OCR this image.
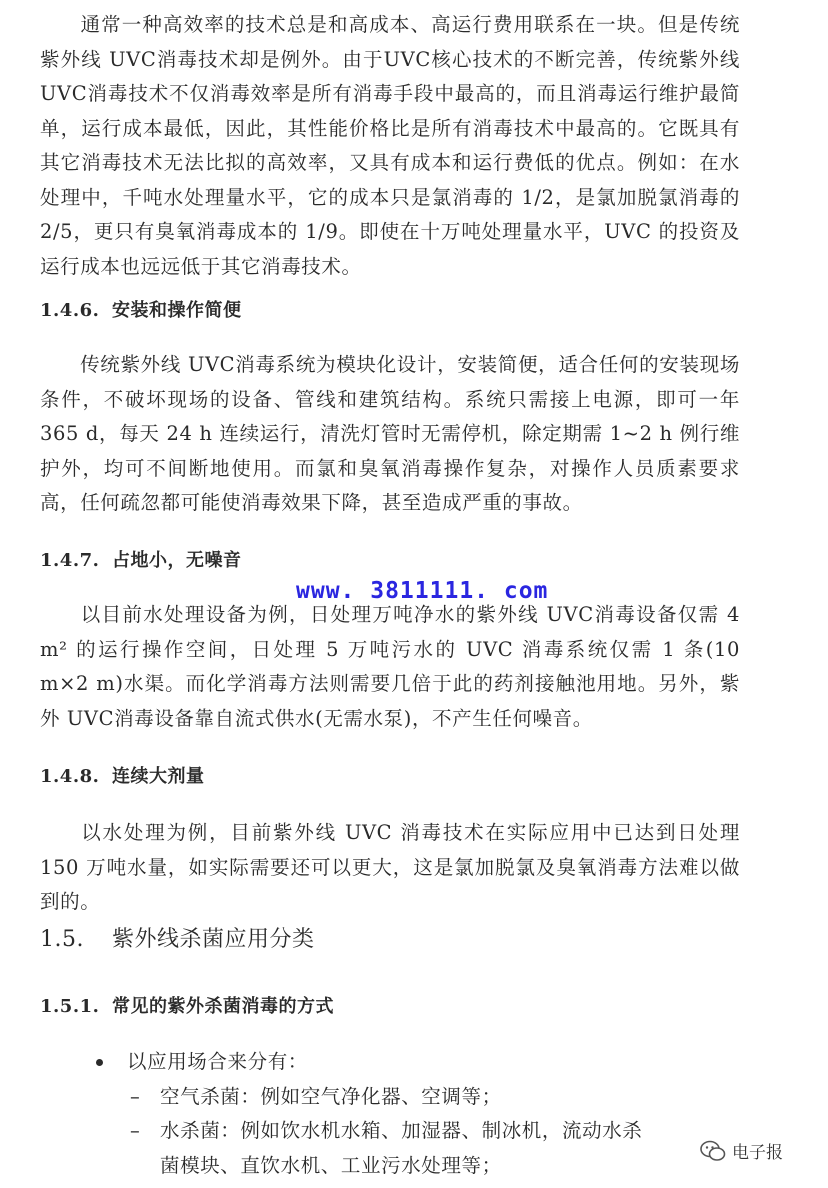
通常一种高效率的技术总是和高成本、高运行费用联系在一块。但是传统紫外线 UVC消毒技术却是例外。由于UVC核心技术的不断完善，传统紫外线 UVC消毒技术不仅消毒效率是所有消毒手段中最高的，而且消毒运行维护最简单，运行成本最低，因此，其性能价格比是所有消毒技术中最高的。它既具有其它消毒技术无法比拟的高效率，又具有成本和运行费低的优点。例如：在水处理中，千吨水处理量水平，它的成本只是氯消毒的 1/2，是氯加脱氯消毒的 2/5，更只有臭氧消毒成本的 1/9。即使在十万吨处理量水平，UVC 的投资及运行成本也远远低于其它消毒技术。

1.4.6. 安装和操作简便

传统紫外线 UVC消毒系统为模块化设计，安装简便，适合任何的安装现场条件，不破坏现场的设备、管线和建筑结构。系统只需接上电源，即可一年 365 d，每天 24 h 连续运行，清洗灯管时无需停机，除定期需 1~2 h 例行维护外，均可不间断地使用。而氯和臭氧消毒操作复杂，对操作人员质素要求高，任何疏忽都可能使消毒效果下降，甚至造成严重的事故。

1.4.7. 占地小，无噪音

www. 3811111. com

以目前水处理设备为例，日处理万吨净水的紫外线 UVC消毒设备仅需 4 m² 的运行操作空间，日处理 5 万吨污水的 UVC 消毒系统仅需 1 条(10 m×2 m)水渠。而化学消毒方法则需要几倍于此的药剂接触池用地。另外，紫外 UVC消毒设备靠自流式供水(无需水泵)，不产生任何噪音。

1.4.8. 连续大剂量

以水处理为例，目前紫外线 UVC 消毒技术在实际应用中已达到日处理 150 万吨水量，如实际需要还可以更大，这是氯加脱氯及臭氧消毒方法难以做到的。

1.5. 紫外线杀菌应用分类

1.5.1. 常见的紫外杀菌消毒的方式

以应用场合来分有：
– 空气杀菌：例如空气净化器、空调等；
– 水杀菌：例如饮水机水箱、加湿器、制冰机，流动水杀菌模块、直饮水机、工业污水处理等；
电子报
